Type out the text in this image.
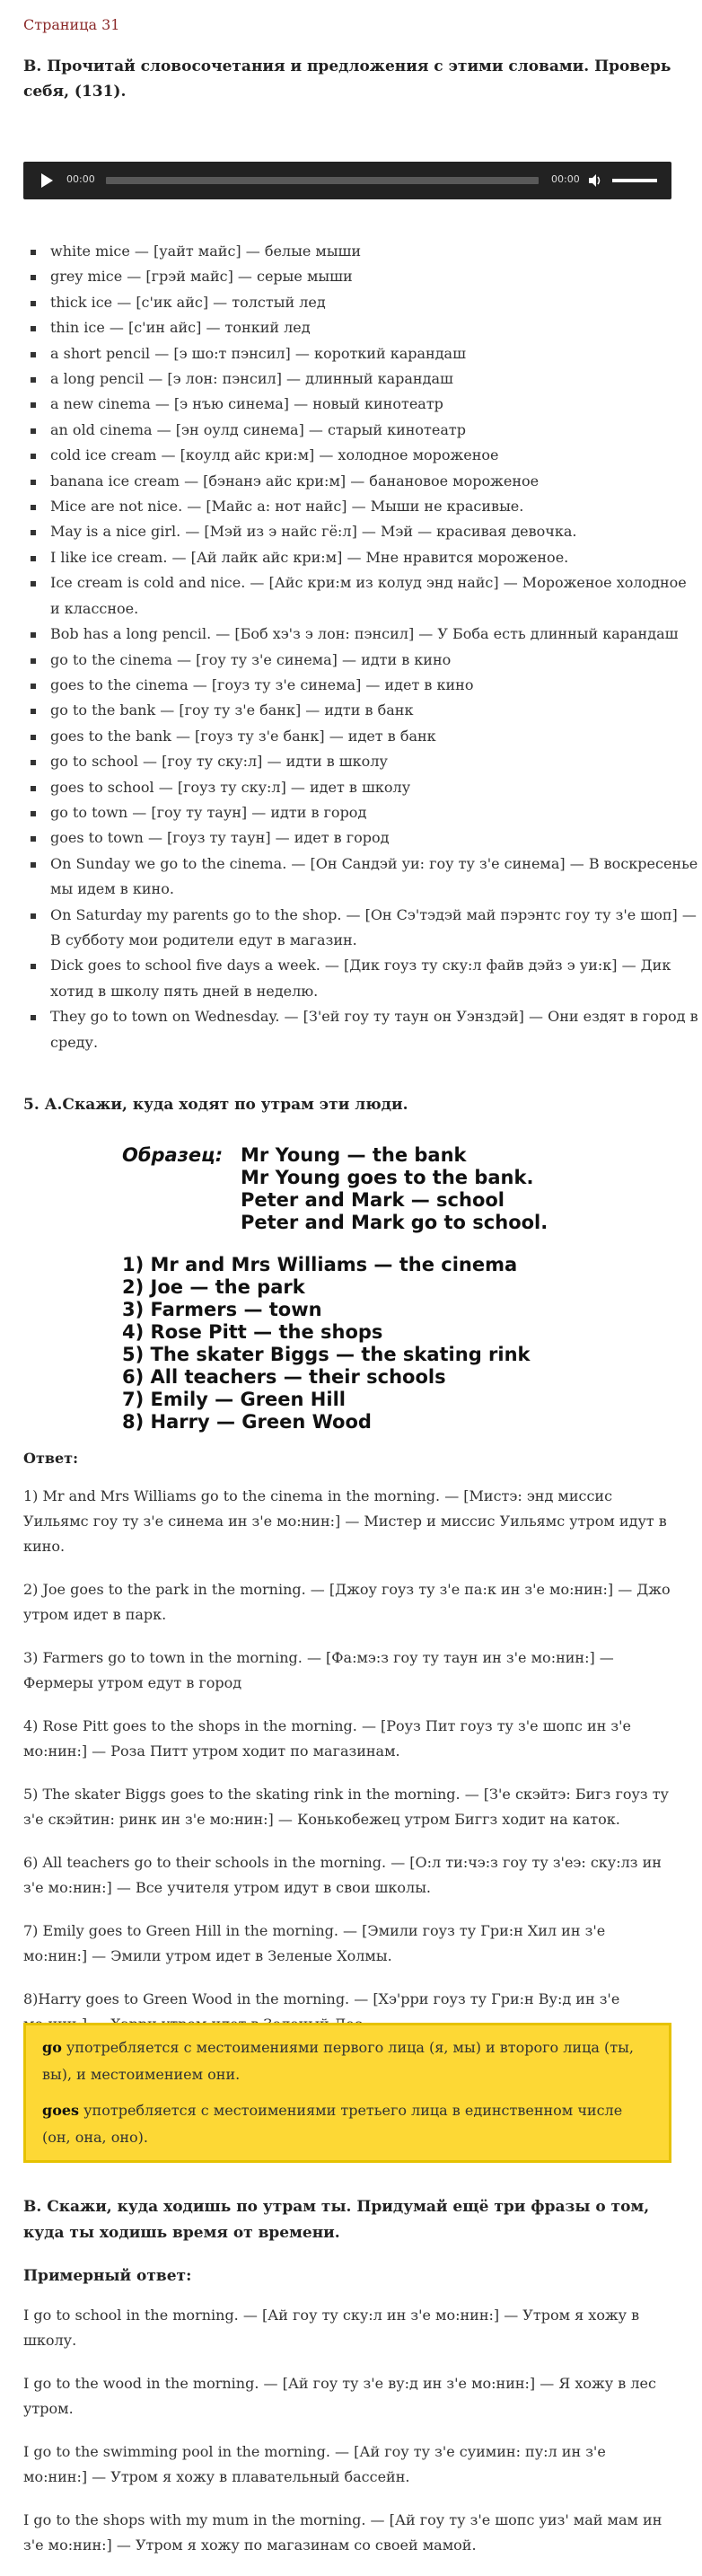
Страница 31
В. Прочитай словосочетания и предложения с этими словами. Проверь себя, (131).
00:00	00:00
white mice — [уайт майс] — белые мыши
grey mice — [грэй майс] — серые мыши
thick ice — [с'ик айс] — толстый лед
thin ice — [с'ин айс] — тонкий лед
a short pencil — [э шо:т пэнсил] — короткий карандаш
a long pencil — [э лон: пэнсил] — длинный карандаш
a new cinema — [э нъю синема] — новый кинотеатр
an old cinema — [эн оулд синема] — старый кинотеатр
cold ice cream — [коулд айс кри:м] — холодное мороженое
banana ice cream — [бэнанэ айс кри:м] — банановое мороженое
Mice are not nice. — [Майс а: нот найс] — Мыши не красивые.
May is a nice girl. — [Мэй из э найс гё:л] — Мэй — красивая девочка.
I like ice cream. — [Ай лайк айс кри:м] — Мне нравится мороженое.
Ice cream is cold and nice. — [Айс кри:м из колуд энд найс] — Мороженое холодное и классное.
Bob has a long pencil. — [Боб хэ'з э лон: пэнсил] — У Боба есть длинный карандаш
go to the cinema — [гоу ту з'е синема] — идти в кино
goes to the cinema — [гоуз ту з'е синема] — идет в кино
go to the bank — [гоу ту з'е банк] — идти в банк
goes to the bank — [гоуз ту з'е банк] — идет в банк
go to school — [гоу ту ску:л] — идти в школу
goes to school — [гоуз ту ску:л] — идет в школу
go to town — [гоу ту таун] — идти в город
goes to town — [гоуз ту таун] — идет в город
On Sunday we go to the cinema. — [Он Сандэй уи: гоу ту з'е синема] — В воскресенье мы идем в кино.
On Saturday my parents go to the shop. — [Он Сэ'тэдэй май пэрэнтс гоу ту з'е шоп] — В субботу мои родители едут в магазин.
Dick goes to school five days a week. — [Дик гоуз ту ску:л файв дэйз э уи:к] — Дик хотид в школу пять дней в неделю.
They go to town on Wednesday. — [З'ей гоу ту таун он Уэнздэй] — Они ездят в город в среду.
5. А.Скажи, куда ходят по утрам эти люди.
Образец: Mr Young — the bank
Mr Young goes to the bank.
Peter and Mark — school
Peter and Mark go to school.
1) Mr and Mrs Williams — the cinema
2) Joe — the park
3) Farmers — town
4) Rose Pitt — the shops
5) The skater Biggs — the skating rink
6) All teachers — their schools
7) Emily — Green Hill
8) Harry — Green Wood
Ответ:

1) Mr and Mrs Williams go to the cinema in the morning. — [Мистэ: энд миссис Уильямс гоу ту з'е синема ин з'е мо:нин:] — Мистер и миссис Уильямс утром идут в кино.

2) Joe goes to the park in the morning. — [Джоу гоуз ту з'е па:к ин з'е мо:нин:] — Джо утром идет в парк.

3) Farmers go to town in the morning. — [Фа:мэ:з гоу ту таун ин з'е мо:нин:] — Фермеры утром едут в город

4) Rose Pitt goes to the shops in the morning. — [Роуз Пит гоуз ту з'е шопс ин з'е мо:нин:] — Роза Питт утром ходит по магазинам.

5) The skater Biggs goes to the skating rink in the morning. — [З'е скэйтэ: Бигз гоуз ту з'е скэйтин: ринк ин з'е мо:нин:] — Конькобежец утром Биггз ходит на каток.

6) All teachers go to their schools in the morning. — [О:л ти:чэ:з гоу ту з'еэ: ску:лз ин з'е мо:нин:] — Все учителя утром идут в свои школы.

7) Emily goes to Green Hill in the morning. — [Эмили гоуз ту Гри:н Хил ин з'е мо:нин:] — Эмили утром идет в Зеленые Холмы.

8)Harry goes to Green Wood in the morning. — [Хэ'рри гоуз ту Гри:н Ву:д ин з'е

go употребляется с местоимениями первого лица (я, мы) и второго лица (ты, вы), и местоимением они.

goes употребляется с местоимениями третьего лица в единственном числе (он, она, оно).

В. Скажи, куда ходишь по утрам ты. Придумай ещё три фразы о том, куда ты ходишь время от времени.
Примерный ответ:

I go to school in the morning. — [Ай гоу ту ску:л ин з'е мо:нин:] — Утром я хожу в школу.

I go to the wood in the morning. — [Ай гоу ту з'е ву:д ин з'е мо:нин:] — Я хожу в лес утром.

I go to the swimming pool in the morning. — [Ай гоу ту з'е суимин: пу:л ин з'е мо:нин:] — Утром я хожу в плавательный бассейн.

I go to the shops with my mum in the morning. — [Ай гоу ту з'е шопс уиз' май мам ин з'е мо:нин:] — Утром я хожу по магазинам со своей мамой.
